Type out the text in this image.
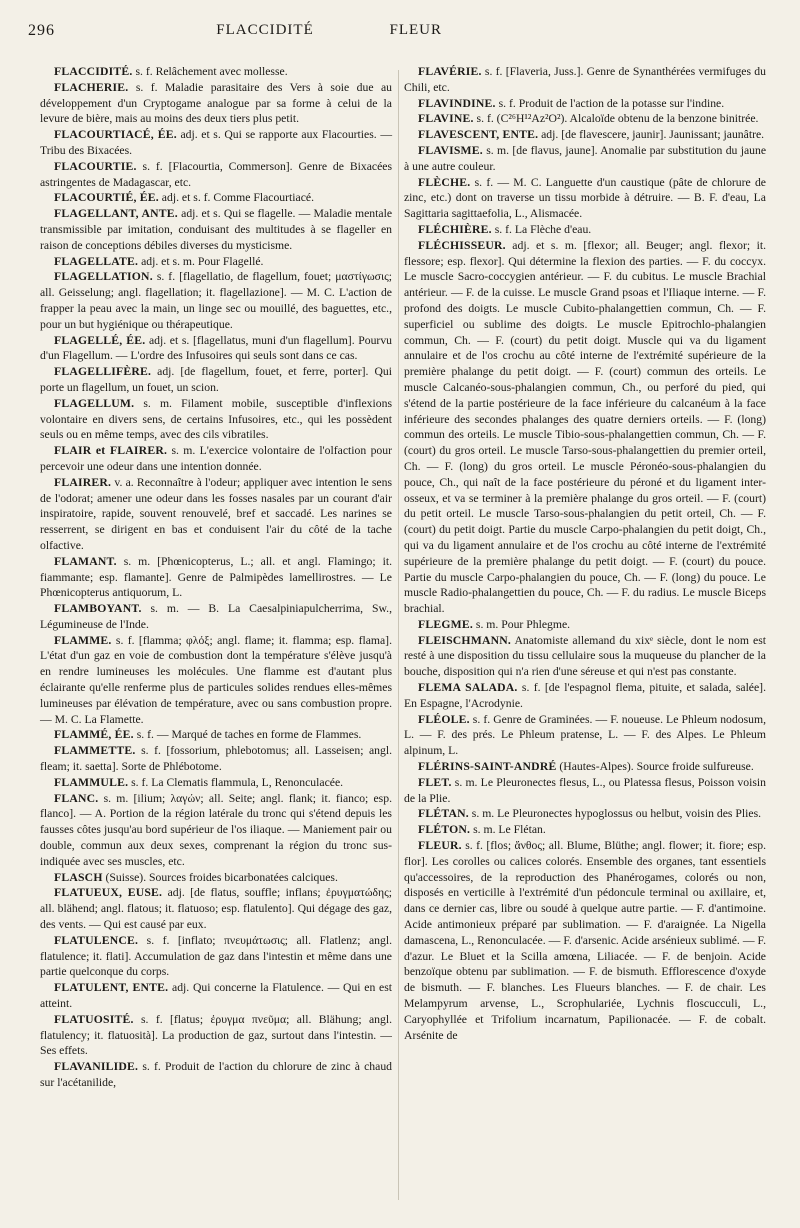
296	FLACCIDITÉ	FLEUR

FLACCIDITÉ. s. f. Relâchement avec mollesse.

FLACHERIE. s. f. Maladie parasitaire des Vers à soie due au développement d'un Cryptogame analogue par sa forme à celui de la levure de bière, mais au moins des deux tiers plus petit.

FLACOURTIACÉ, ÉE. adj. et s. Qui se rapporte aux Flacourties. — Tribu des Bixacées.

FLACOURTIE. s. f. [Flacourtia, Commerson]. Genre de Bixacées astringentes de Madagascar, etc.

FLACOURTIÉ, ÉE. adj. et s. f. Comme Flacourtiacé.

FLAGELLANT, ANTE. adj. et s. Qui se flagelle. — Maladie mentale transmissible par imitation, conduisant des multitudes à se flageller en raison de conceptions débiles diverses du mysticisme.

FLAGELLATE. adj. et s. m. Pour Flagellé.

FLAGELLATION. s. f. [flagellatio, de flagellum, fouet; μαστίγωσις; all. Geisselung; angl. flagellation; it. flagellazione]. — M. C. L'action de frapper la peau avec la main, un linge sec ou mouillé, des baguettes, etc., pour un but hygiénique ou thérapeutique.

FLAGELLÉ, ÉE. adj. et s. [flagellatus, muni d'un flagellum]. Pourvu d'un Flagellum. — L'ordre des Infusoires qui seuls sont dans ce cas.

FLAGELLIFÈRE. adj. [de flagellum, fouet, et ferre, porter]. Qui porte un flagellum, un fouet, un scion.

FLAGELLUM. s. m. Filament mobile, susceptible d'inflexions volontaire en divers sens, de certains Infusoires, etc., qui les possèdent seuls ou en même temps, avec des cils vibratiles.

FLAIR et FLAIRER. s. m. L'exercice volontaire de l'olfaction pour percevoir une odeur dans une intention donnée.

FLAIRER. v. a. Reconnaître à l'odeur; appliquer avec intention le sens de l'odorat; amener une odeur dans les fosses nasales par un courant d'air inspiratoire, rapide, souvent renouvelé, bref et saccadé. Les narines se resserrent, se dirigent en bas et conduisent l'air du côté de la tache olfactive.

FLAMANT. s. m. [Phœnicopterus, L.; all. et angl. Flamingo; it. fiammante; esp. flamante]. Genre de Palmipèdes lamellirostres. — Le Phœnicopterus antiquorum, L.

FLAMBOYANT. s. m. — B. La Caesalpiniapulcherrima, Sw., Légumineuse de l'Inde.

FLAMME. s. f. [flamma; φλόξ; angl. flame; it. flamma; esp. flama]. L'état d'un gaz en voie de combustion dont la température s'élève jusqu'à en rendre lumineuses les molécules. Une flamme est d'autant plus éclairante qu'elle renferme plus de particules solides rendues elles-mêmes lumineuses par élévation de température, avec ou sans combustion propre. — M. C. La Flamette.

FLAMMÉ, ÉE. s. f. — Marqué de taches en forme de Flammes.

FLAMMETTE. s. f. [fossorium, phlebotomus; all. Lasseisen; angl. fleam; it. saetta]. Sorte de Phlébotome.

FLAMMULE. s. f. La Clematis flammula, L, Renonculacée.

FLANC. s. m. [ilium; λαγών; all. Seite; angl. flank; it. fianco; esp. flanco]. — A. Portion de la région latérale du tronc qui s'étend depuis les fausses côtes jusqu'au bord supérieur de l'os iliaque. — Maniement pair ou double, commun aux deux sexes, comprenant la région du tronc sus-indiquée avec ses muscles, etc.

FLASCH (Suisse). Sources froides bicarbonatées calciques.

FLATUEUX, EUSE. adj. [de flatus, souffle; inflans; ἐρυγματώδης; all. blähend; angl. flatous; it. flatuoso; esp. flatulento]. Qui dégage des gaz, des vents. — Qui est causé par eux.

FLATULENCE. s. f. [inflato; πνευμάτωσις; all. Flatlenz; angl. flatulence; it. flati]. Accumulation de gaz dans l'intestin et même dans une partie quelconque du corps.

FLATULENT, ENTE. adj. Qui concerne la Flatulence. — Qui en est atteint.

FLATUOSITÉ. s. f. [flatus; ἐρυγμα πνεῦμα; all. Blähung; angl. flatulency; it. flatuosità]. La production de gaz, surtout dans l'intestin. — Ses effets.

FLAVANILIDE. s. f. Produit de l'action du chlorure de zinc à chaud sur l'acétanilide,

FLAVÉRIE. s. f. [Flaveria, Juss.]. Genre de Synanthérées vermifuges du Chili, etc.

FLAVINDINE. s. f. Produit de l'action de la potasse sur l'indine.

FLAVINE. s. f. (C²⁶H¹²Az²O²). Alcaloïde obtenu de la benzone binitrée.

FLAVESCENT, ENTE. adj. [de flavescere, jaunir]. Jaunissant; jaunâtre.

FLAVISME. s. m. [de flavus, jaune]. Anomalie par substitution du jaune à une autre couleur.

FLÈCHE. s. f. — M. C. Languette d'un caustique (pâte de chlorure de zinc, etc.) dont on traverse un tissu morbide à détruire. — B. F. d'eau, La Sagittaria sagittaefolia, L., Alismacée.

FLÉCHIÈRE. s. f. La Flèche d'eau.

FLÉCHISSEUR. adj. et s. m. [flexor; all. Beuger; angl. flexor; it. flessore; esp. flexor]. Qui détermine la flexion des parties. — F. du coccyx. Le muscle Sacro-coccygien antérieur. — F. du cubitus. Le muscle Brachial antérieur. — F. de la cuisse. Le muscle Grand psoas et l'Iliaque interne. — F. profond des doigts. Le muscle Cubito-phalangettien commun, Ch. — F. superficiel ou sublime des doigts. Le muscle Epitrochlo-phalangien commun, Ch. — F. (court) du petit doigt. Muscle qui va du ligament annulaire et de l'os crochu au côté interne de l'extrémité supérieure de la première phalange du petit doigt. — F. (court) commun des orteils. Le muscle Calcanéo-sous-phalangien commun, Ch., ou perforé du pied, qui s'étend de la partie postérieure de la face inférieure du calcanéum à la face inférieure des secondes phalanges des quatre derniers orteils. — F. (long) commun des orteils. Le muscle Tibio-sous-phalangettien commun, Ch. — F. (court) du gros orteil. Le muscle Tarso-sous-phalangettien du premier orteil, Ch. — F. (long) du gros orteil. Le muscle Péronéo-sous-phalangien du pouce, Ch., qui naît de la face postérieure du péroné et du ligament inter-osseux, et va se terminer à la première phalange du gros orteil. — F. (court) du petit orteil. Le muscle Tarso-sous-phalangien du petit orteil, Ch. — F. (court) du petit doigt. Partie du muscle Carpo-phalangien du petit doigt, Ch., qui va du ligament annulaire et de l'os crochu au côté interne de l'extrémité supérieure de la première phalange du petit doigt. — F. (court) du pouce. Partie du muscle Carpo-phalangien du pouce, Ch. — F. (long) du pouce. Le muscle Radio-phalangettien du pouce, Ch. — F. du radius. Le muscle Biceps brachial.

FLEGME. s. m. Pour Phlegme.

FLEISCHMANN. Anatomiste allemand du xixᵉ siècle, dont le nom est resté à une disposition du tissu cellulaire sous la muqueuse du plancher de la bouche, disposition qui n'a rien d'une séreuse et qui n'est pas constante.

FLEMA SALADA. s. f. [de l'espagnol flema, pituite, et salada, salée]. En Espagne, l'Acrodynie.

FLÉOLE. s. f. Genre de Graminées. — F. noueuse. Le Phleum nodosum, L. — F. des prés. Le Phleum pratense, L. — F. des Alpes. Le Phleum alpinum, L.

FLÉRINS-SAINT-ANDRÉ (Hautes-Alpes). Source froide sulfureuse.

FLET. s. m. Le Pleuronectes flesus, L., ou Platessa flesus, Poisson voisin de la Plie.

FLÉTAN. s. m. Le Pleuronectes hypoglossus ou helbut, voisin des Plies.

FLÉTON. s. m. Le Flétan.

FLEUR. s. f. [flos; ἄνθος; all. Blume, Blüthe; angl. flower; it. fiore; esp. flor]. Les corolles ou calices colorés. Ensemble des organes, tant essentiels qu'accessoires, de la reproduction des Phanérogames, colorés ou non, disposés en verticille à l'extrémité d'un pédoncule terminal ou axillaire, et, dans ce dernier cas, libre ou soudé à quelque autre partie. — F. d'antimoine. Acide antimonieux préparé par sublimation. — F. d'araignée. La Nigella damascena, L., Renonculacée. — F. d'arsenic. Acide arsénieux sublimé. — F. d'azur. Le Bluet et la Scilla amœna, Liliacée. — F. de benjoin. Acide benzoïque obtenu par sublimation. — F. de bismuth. Efflorescence d'oxyde de bismuth. — F. blanches. Les Flueurs blanches. — F. de chair. Les Melampyrum arvense, L., Scrophulariée, Lychnis floscucculi, L., Caryophyllée et Trifolium incarnatum, Papilionacée. — F. de cobalt. Arsénite de
